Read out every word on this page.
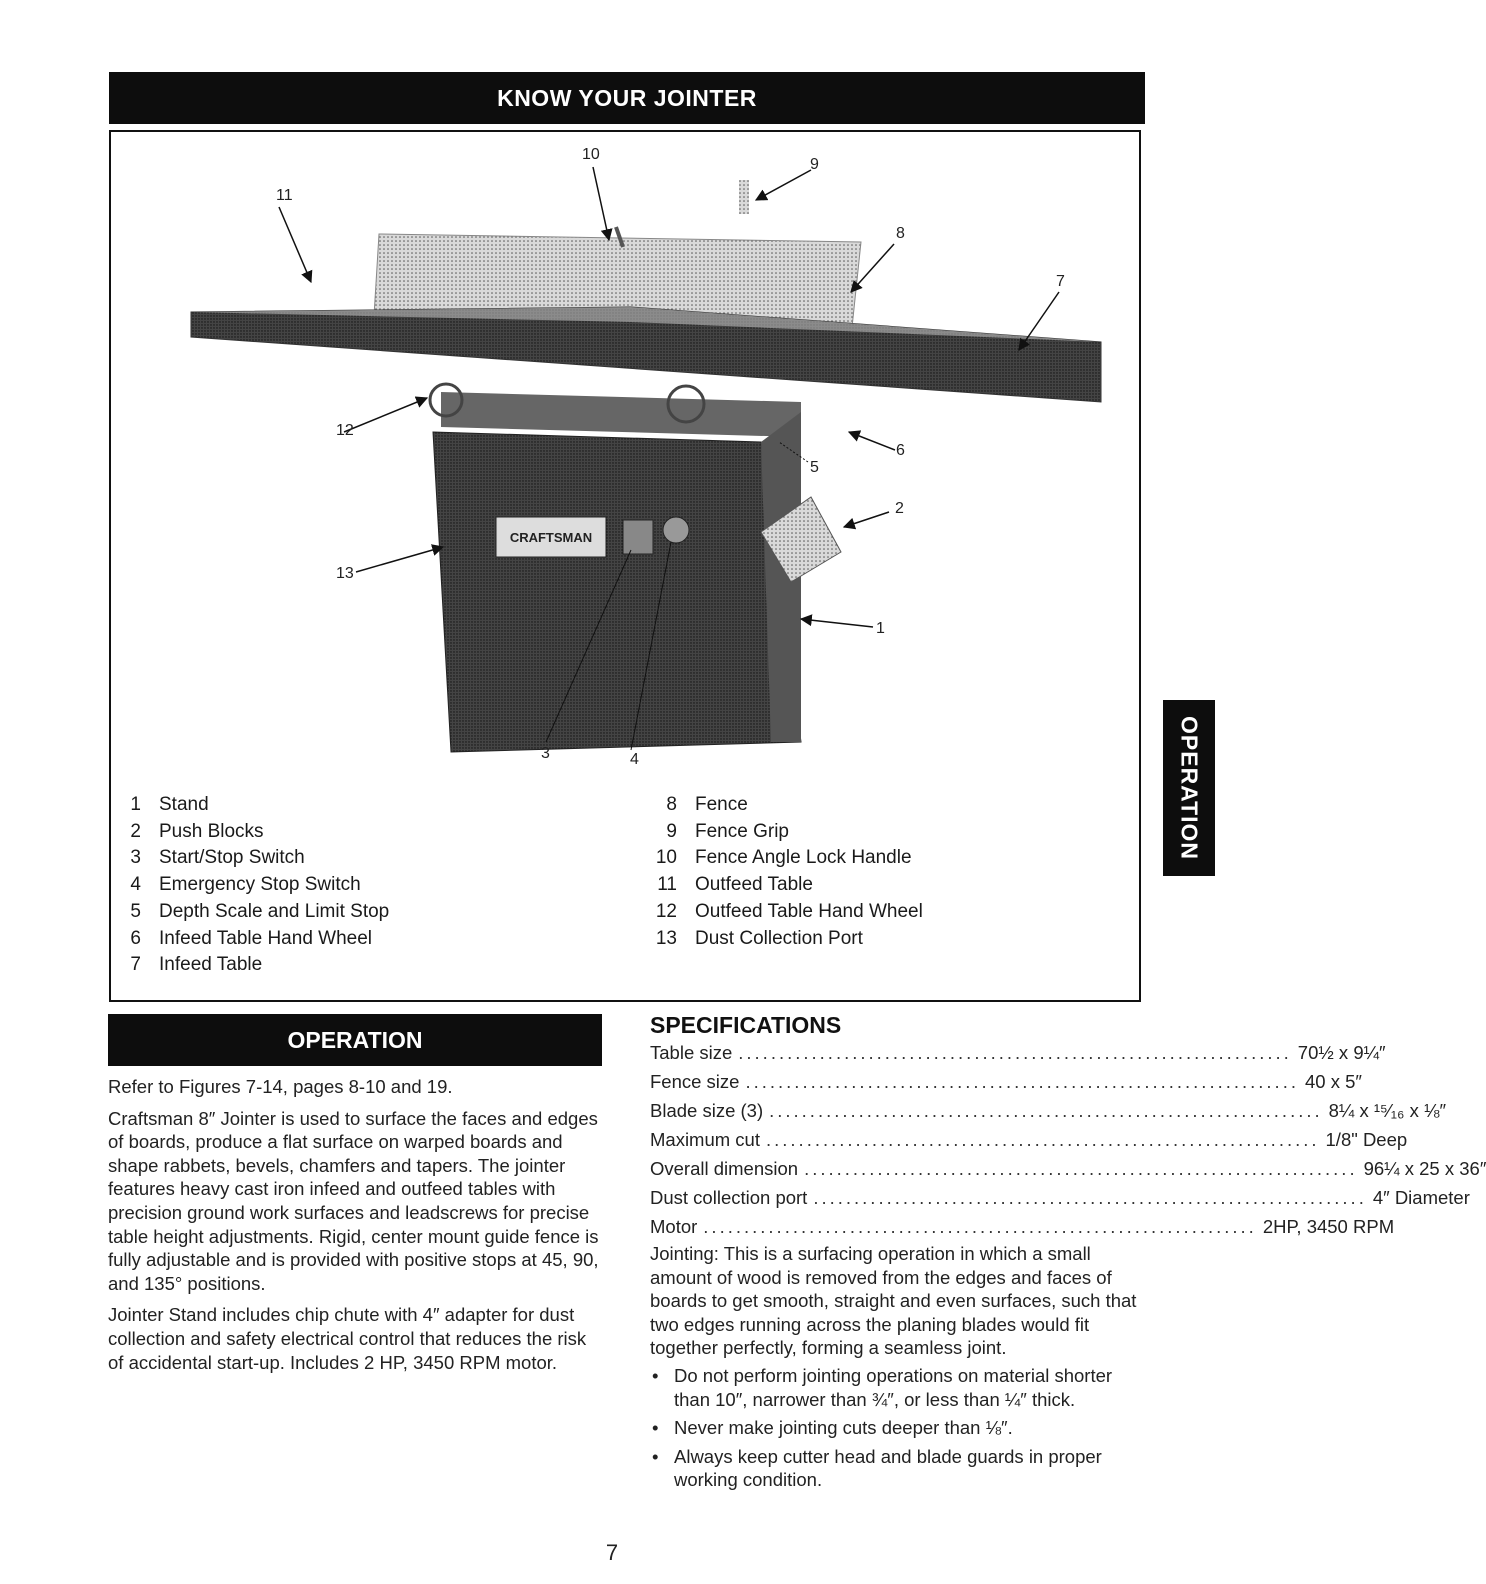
KNOW YOUR JOINTER
CRAFTSMAN
10
9
11
8
7
12
6
5
2
13
1
3	4
1 Stand
2 Push Blocks
3 Start/Stop Switch
4 Emergency Stop Switch
5 Depth Scale and Limit Stop
6 Infeed Table Hand Wheel
7 Infeed Table
8 Fence
9 Fence Grip
10 Fence Angle Lock Handle
11 Outfeed Table
12 Outfeed Table Hand Wheel
13 Dust Collection Port
OPERATION
OPERATION

Refer to Figures 7-14, pages 8-10 and 19.

Craftsman 8″ Jointer is used to surface the faces and edges of boards, produce a flat surface on warped boards and shape rabbets, bevels, chamfers and tapers. The jointer features heavy cast iron infeed and outfeed tables with precision ground work surfaces and leadscrews for precise table height adjustments. Rigid, center mount guide fence is fully adjustable and is provided with positive stops at 45, 90, and 135° positions.

Jointer Stand includes chip chute with 4″ adapter for dust collection and safety electrical control that reduces the risk of accidental start-up. Includes 2 HP, 3450 RPM motor.

SPECIFICATIONS
Table size .................................................................... 70½ x 9¼″
Fence size .................................................................... 40 x 5″
Blade size (3) .................................................................... 8¼ x ¹⁵⁄₁₆ x ⅛″
Maximum cut .................................................................... 1/8" Deep
Overall dimension .................................................................... 96¼ x 25 x 36″
Dust collection port .................................................................... 4″ Diameter
Motor .................................................................... 2HP, 3450 RPM

Jointing: This is a surfacing operation in which a small amount of wood is removed from the edges and faces of boards to get smooth, straight and even surfaces, such that two edges running across the planing blades would fit together perfectly, forming a seamless joint.

• Do not perform jointing operations on material shorter than 10″, narrower than ¾″, or less than ¼″ thick.
• Never make jointing cuts deeper than ⅛″.
• Always keep cutter head and blade guards in proper working condition.
7
